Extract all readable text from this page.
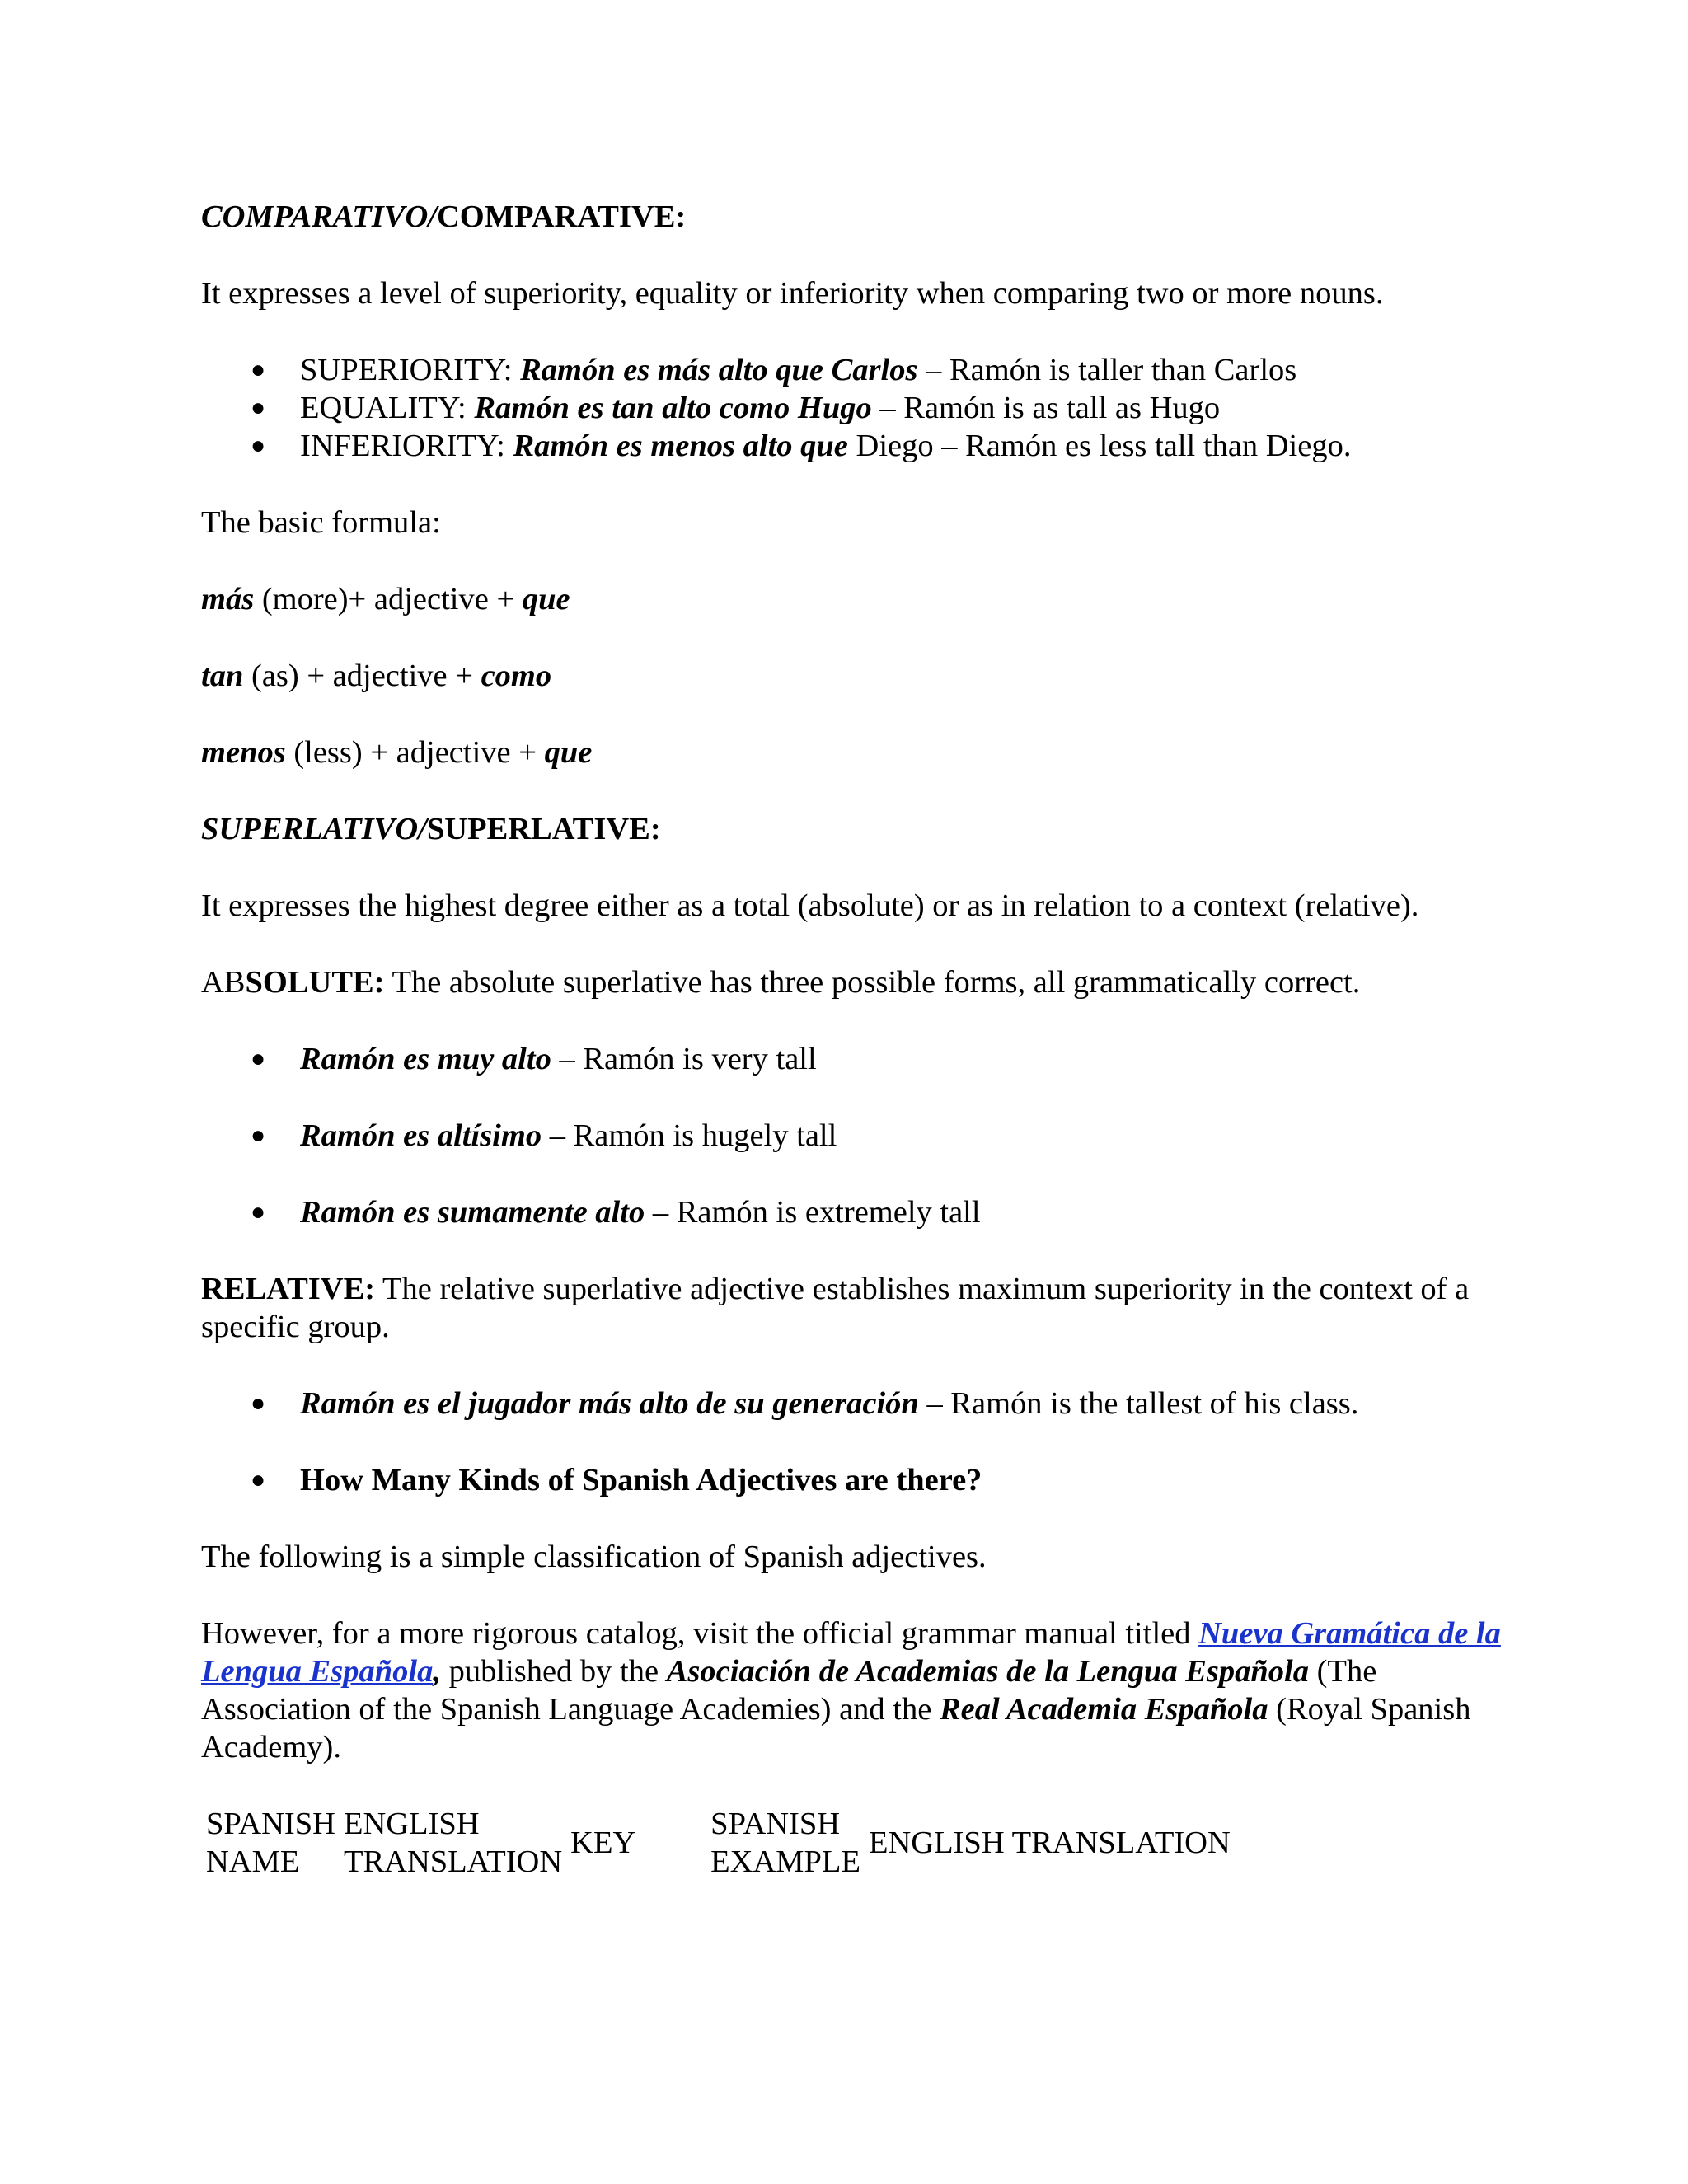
COMPARATIVO/COMPARATIVE:

It expresses a level of superiority, equality or inferiority when comparing two or more nouns.

● SUPERIORITY: Ramón es más alto que Carlos – Ramón is taller than Carlos
● EQUALITY: Ramón es tan alto como Hugo – Ramón is as tall as Hugo
● INFERIORITY: Ramón es menos alto que Diego – Ramón es less tall than Diego.

The basic formula:

más (more)+ adjective + que

tan (as) + adjective + como

menos (less) + adjective + que

SUPERLATIVO/SUPERLATIVE:

It expresses the highest degree either as a total (absolute) or as in relation to a context (relative).

ABSOLUTE: The absolute superlative has three possible forms, all grammatically correct.

● Ramón es muy alto – Ramón is very tall
● Ramón es altísimo – Ramón is hugely tall
● Ramón es sumamente alto – Ramón is extremely tall

RELATIVE: The relative superlative adjective establishes maximum superiority in the context of a specific group.

● Ramón es el jugador más alto de su generación – Ramón is the tallest of his class.
● How Many Kinds of Spanish Adjectives are there?

The following is a simple classification of Spanish adjectives.

However, for a more rigorous catalog, visit the official grammar manual titled Nueva Gramática de la Lengua Española, published by the Asociación de Academias de la Lengua Española (The Association of the Spanish Language Academies) and the Real Academia Española (Royal Spanish Academy).

SPANISH NAME	ENGLISH TRANSLATION	KEY	SPANISH EXAMPLE	ENGLISH TRANSLATION
